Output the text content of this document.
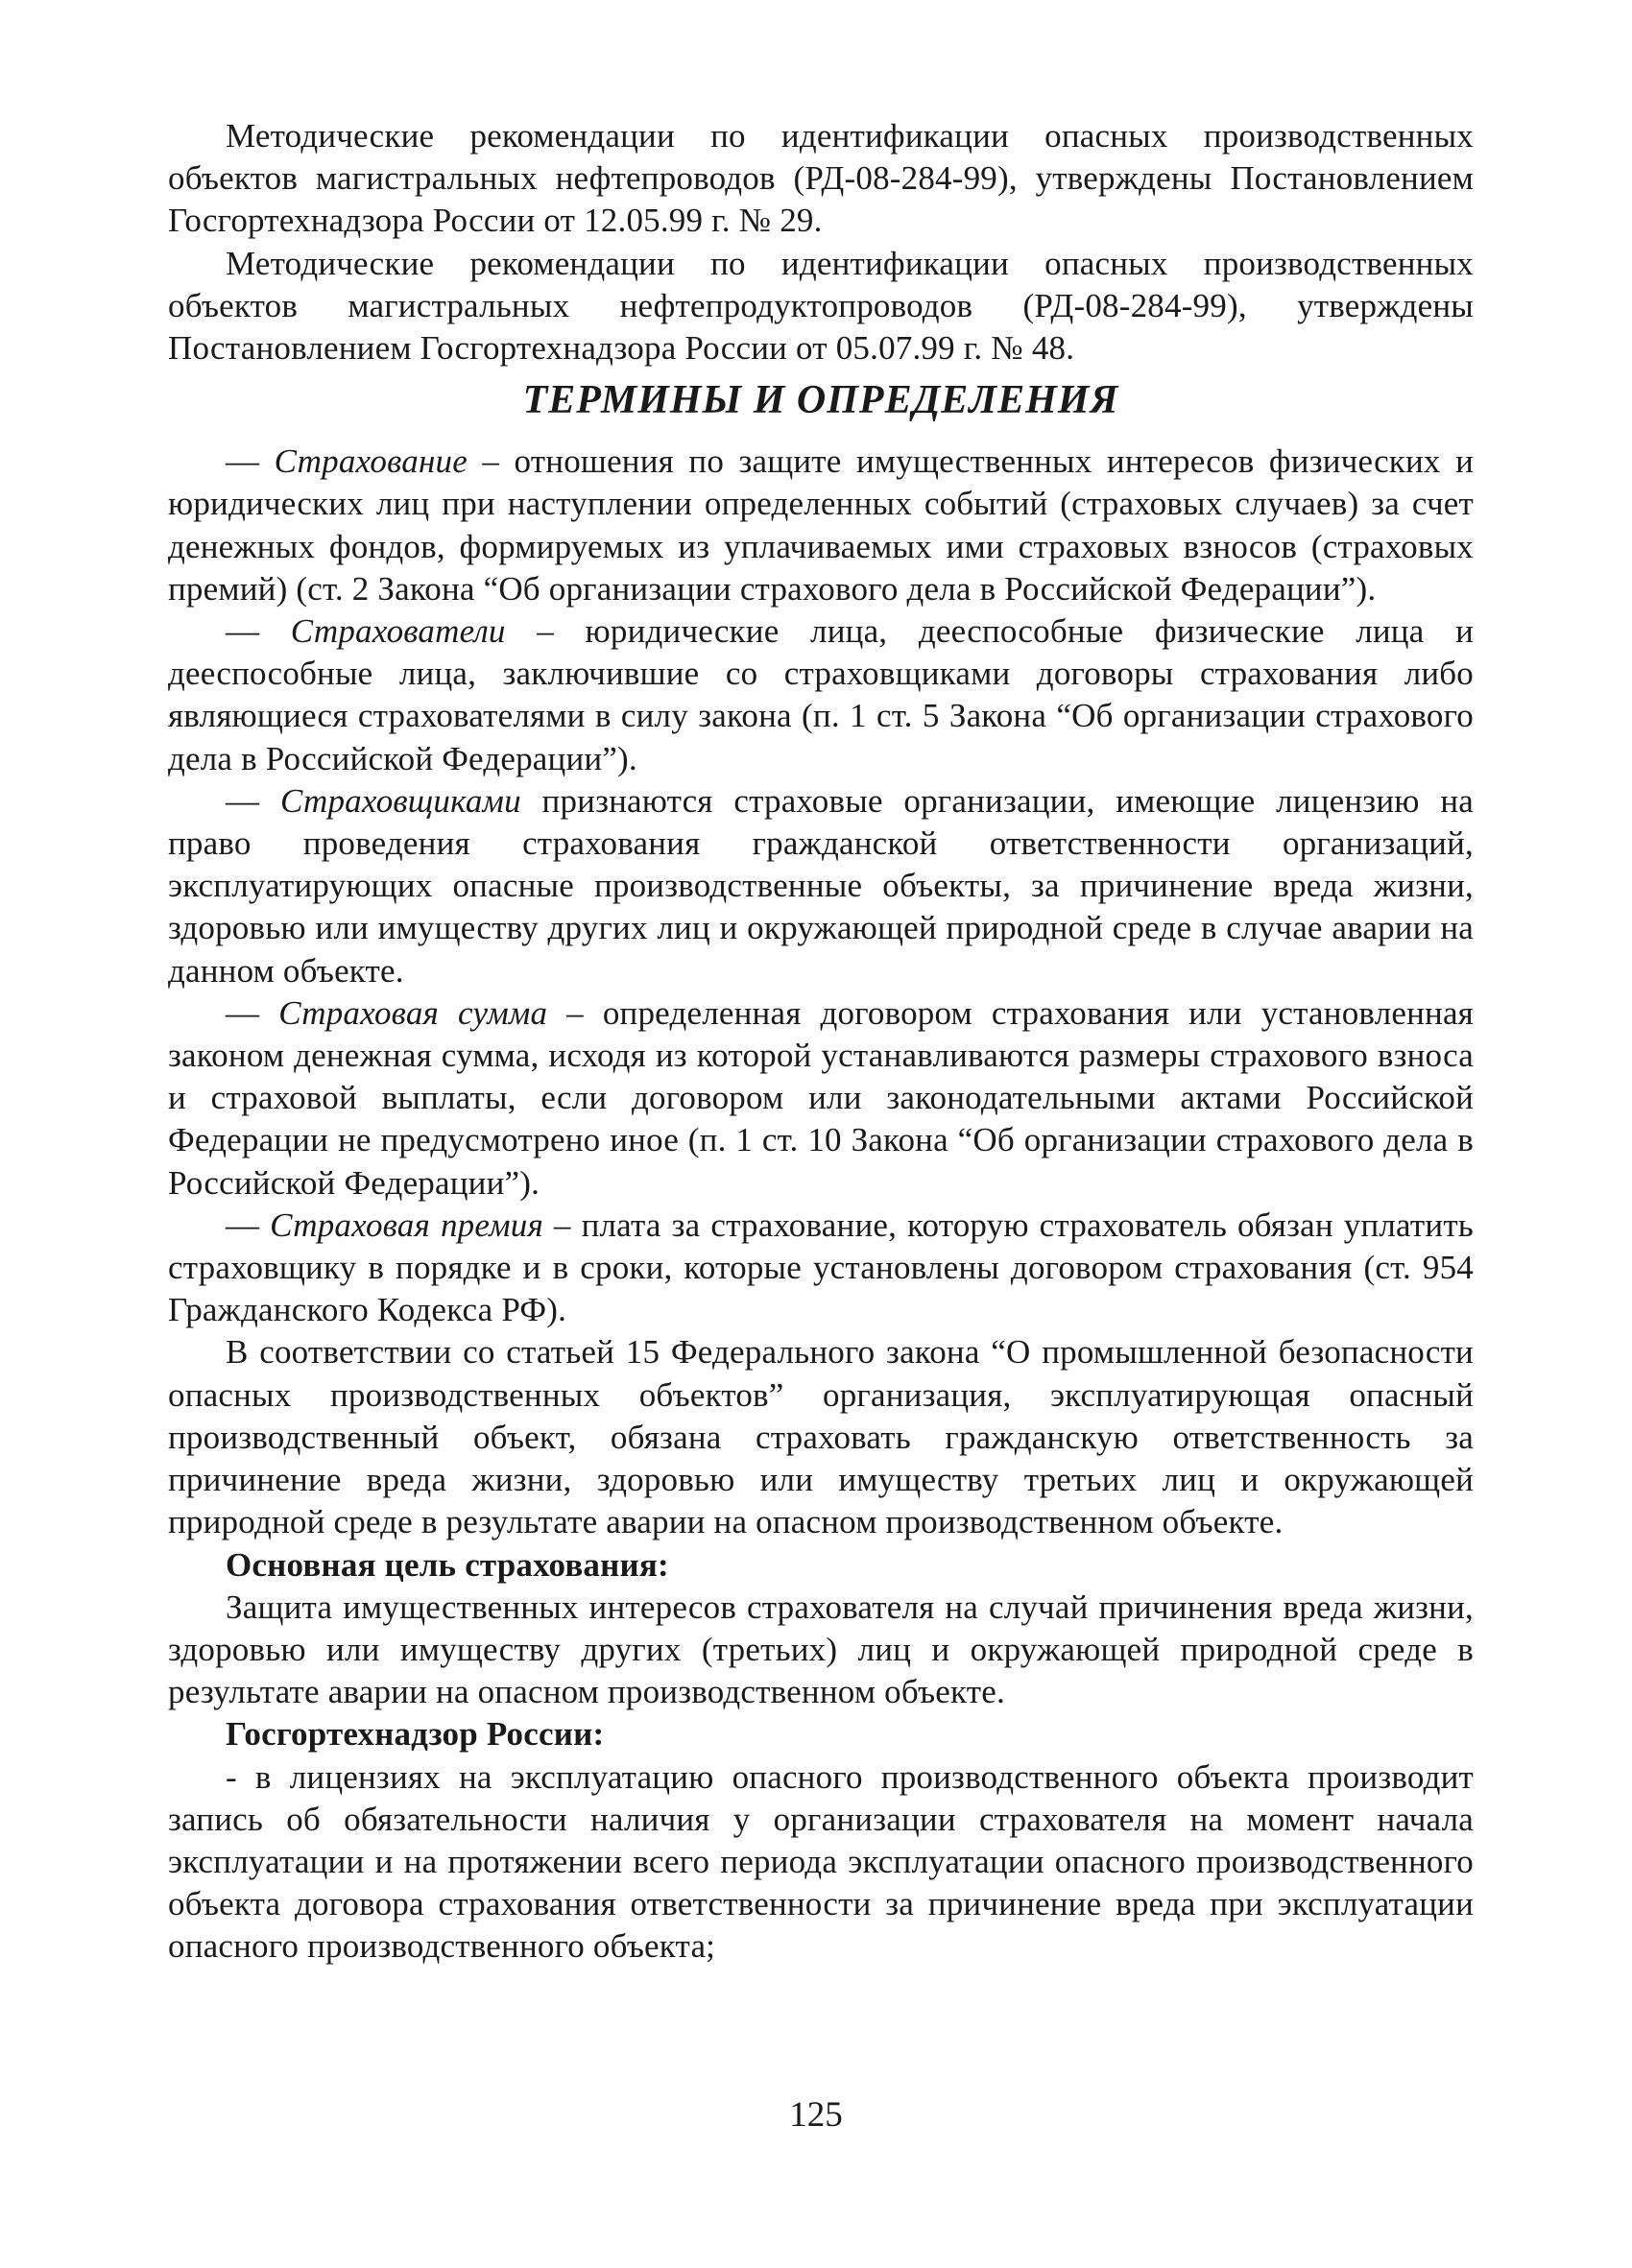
Методические рекомендации по идентификации опасных производственных объектов магистральных нефтепроводов (РД-08-284-99), утверждены Постановлением Госгортехнадзора России от 12.05.99 г. № 29.

Методические рекомендации по идентификации опасных производственных объектов магистральных нефтепродуктопроводов (РД-08-284-99), утверждены Постановлением Госгортехнадзора России от 05.07.99 г. № 48.

ТЕРМИНЫ И ОПРЕДЕЛЕНИЯ

— Страхование – отношения по защите имущественных интересов физических и юридических лиц при наступлении определенных событий (страховых случаев) за счет денежных фондов, формируемых из уплачиваемых ими страховых взносов (страховых премий) (ст. 2 Закона “Об организации страхового дела в Российской Федерации”).

— Страхователи – юридические лица, дееспособные физические лица и дееспособные лица, заключившие со страховщиками договоры страхования либо являющиеся страхователями в силу закона (п. 1 ст. 5 Закона “Об организации страхового дела в Российской Федерации”).

— Страховщиками признаются страховые организации, имеющие лицензию на право проведения страхования гражданской ответственности организаций, эксплуатирующих опасные производственные объекты, за причинение вреда жизни, здоровью или имуществу других лиц и окружающей природной среде в случае аварии на данном объекте.

— Страховая сумма – определенная договором страхования или установленная законом денежная сумма, исходя из которой устанавливаются размеры страхового взноса и страховой выплаты, если договором или законодательными актами Российской Федерации не предусмотрено иное (п. 1 ст. 10 Закона “Об организации страхового дела в Российской Федерации”).

— Страховая премия – плата за страхование, которую страхователь обязан уплатить страховщику в порядке и в сроки, которые установлены договором страхования (ст. 954 Гражданского Кодекса РФ).

В соответствии со статьей 15 Федерального закона “О промышленной безопасности опасных производственных объектов” организация, эксплуатирующая опасный производственный объект, обязана страховать гражданскую ответственность за причинение вреда жизни, здоровью или имуществу третьих лиц и окружающей природной среде в результате аварии на опасном производственном объекте.

Основная цель страхования:

Защита имущественных интересов страхователя на случай причинения вреда жизни, здоровью или имуществу других (третьих) лиц и окружающей природной среде в результате аварии на опасном производственном объекте.

Госгортехнадзор России:

- в лицензиях на эксплуатацию опасного производственного объекта производит запись об обязательности наличия у организации страхователя на момент начала эксплуатации и на протяжении всего периода эксплуатации опасного производственного объекта договора страхования ответственности за причинение вреда при эксплуатации опасного производственного объекта;

125
